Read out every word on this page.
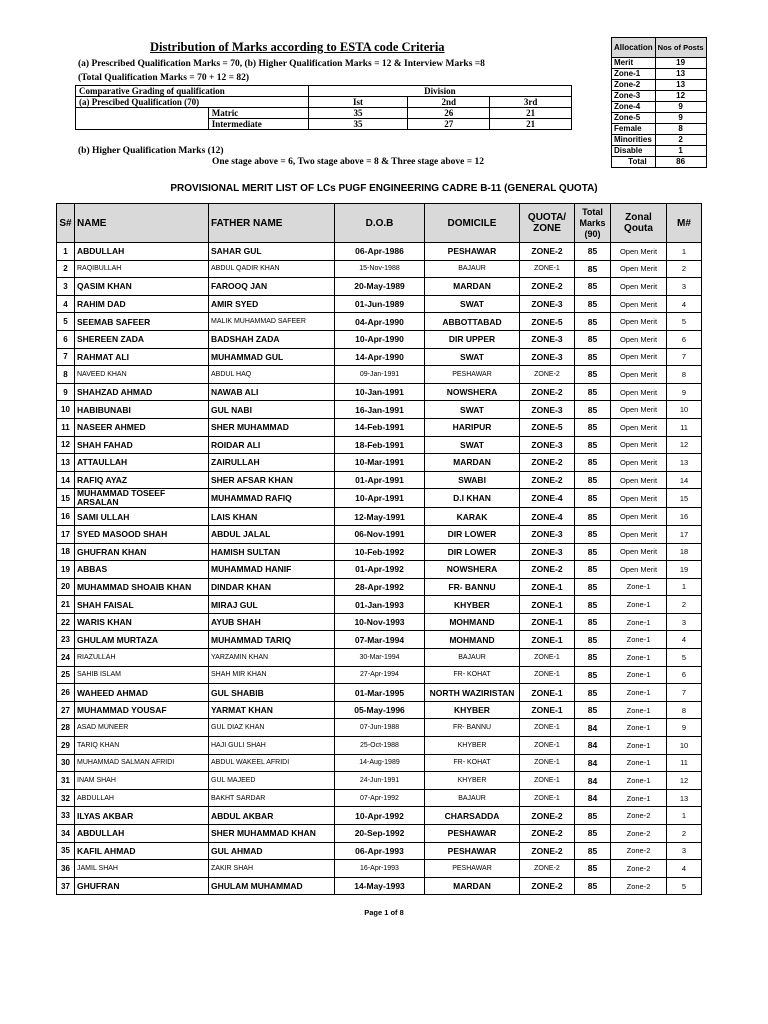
Distribution of Marks according to ESTA code Criteria
(a) Prescribed Qualification Marks = 70, (b) Higher Qualification Marks = 12 & Interview Marks =8
(Total Qualification Marks = 70 + 12 = 82)
Comparative Grading of qualification		Division		
(a) Prescibed Qualification (70)		Ist	2nd	3rd
	Matric	35	26	21
	Intermediate	35	27	21
(b) Higher Qualification Marks (12)
One stage above = 6, Two stage above = 8 & Three stage above = 12
Allocation	Nos of Posts
Merit	19
Zone-1	13
Zone-2	13
Zone-3	12
Zone-4	9
Zone-5	9
Female	8
Minorities	2
Disable	1
Total	86
PROVISIONAL MERIT LIST OF LCs PUGF ENGINEERING CADRE B-11 (GENERAL QUOTA)
S#	NAME	FATHER NAME	D.O.B	DOMICILE	QUOTA/ ZONE	Total Marks (90)	Zonal Qouta	M#
1	ABDULLAH	SAHAR GUL	06-Apr-1986	PESHAWAR	ZONE-2	85	Open Merit	1
2	RAQIBULLAH	ABDUL QADIR KHAN	15-Nov-1988	BAJAUR	ZONE-1	85	Open Merit	2
3	QASIM KHAN	FAROOQ JAN	20-May-1989	MARDAN	ZONE-2	85	Open Merit	3
4	RAHIM DAD	AMIR SYED	01-Jun-1989	SWAT	ZONE-3	85	Open Merit	4
5	SEEMAB SAFEER	MALIK MUHAMMAD SAFEER	04-Apr-1990	ABBOTTABAD	ZONE-5	85	Open Merit	5
6	SHEREEN ZADA	BADSHAH ZADA	10-Apr-1990	DIR UPPER	ZONE-3	85	Open Merit	6
7	RAHMAT ALI	MUHAMMAD GUL	14-Apr-1990	SWAT	ZONE-3	85	Open Merit	7
8	NAVEED KHAN	ABDUL HAQ	09-Jan-1991	PESHAWAR	ZONE-2	85	Open Merit	8
9	SHAHZAD AHMAD	NAWAB ALI	10-Jan-1991	NOWSHERA	ZONE-2	85	Open Merit	9
10	HABIBUNABI	GUL NABI	16-Jan-1991	SWAT	ZONE-3	85	Open Merit	10
11	NASEER AHMED	SHER MUHAMMAD	14-Feb-1991	HARIPUR	ZONE-5	85	Open Merit	11
12	SHAH FAHAD	ROIDAR ALI	18-Feb-1991	SWAT	ZONE-3	85	Open Merit	12
13	ATTAULLAH	ZAIRULLAH	10-Mar-1991	MARDAN	ZONE-2	85	Open Merit	13
14	RAFIQ AYAZ	SHER AFSAR KHAN	01-Apr-1991	SWABI	ZONE-2	85	Open Merit	14
15	MUHAMMAD TOSEEF ARSALAN	MUHAMMAD RAFIQ	10-Apr-1991	D.I KHAN	ZONE-4	85	Open Merit	15
16	SAMI ULLAH	LAIS KHAN	12-May-1991	KARAK	ZONE-4	85	Open Merit	16
17	SYED MASOOD SHAH	ABDUL JALAL	06-Nov-1991	DIR LOWER	ZONE-3	85	Open Merit	17
18	GHUFRAN KHAN	HAMISH SULTAN	10-Feb-1992	DIR LOWER	ZONE-3	85	Open Merit	18
19	ABBAS	MUHAMMAD HANIF	01-Apr-1992	NOWSHERA	ZONE-2	85	Open Merit	19
20	MUHAMMAD SHOAIB KHAN	DINDAR KHAN	28-Apr-1992	FR- BANNU	ZONE-1	85	Zone-1	1
21	SHAH FAISAL	MIRAJ GUL	01-Jan-1993	KHYBER	ZONE-1	85	Zone-1	2
22	WARIS KHAN	AYUB SHAH	10-Nov-1993	MOHMAND	ZONE-1	85	Zone-1	3
23	GHULAM MURTAZA	MUHAMMAD TARIQ	07-Mar-1994	MOHMAND	ZONE-1	85	Zone-1	4
24	RIAZULLAH	YARZAMIN KHAN	30-Mar-1994	BAJAUR	ZONE-1	85	Zone-1	5
25	SAHIB ISLAM	SHAH MIR KHAN	27-Apr-1994	FR- KOHAT	ZONE-1	85	Zone-1	6
26	WAHEED AHMAD	GUL SHABIB	01-Mar-1995	NORTH WAZIRISTAN	ZONE-1	85	Zone-1	7
27	MUHAMMAD YOUSAF	YARMAT KHAN	05-May-1996	KHYBER	ZONE-1	85	Zone-1	8
28	ASAD MUNEER	GUL DIAZ KHAN	07-Jun-1988	FR- BANNU	ZONE-1	84	Zone-1	9
29	TARIQ KHAN	HAJI GULI SHAH	25-Oct-1988	KHYBER	ZONE-1	84	Zone-1	10
30	MUHAMMAD SALMAN AFRIDI	ABDUL WAKEEL AFRIDI	14-Aug-1989	FR- KOHAT	ZONE-1	84	Zone-1	11
31	INAM SHAH	GUL MAJEED	24-Jun-1991	KHYBER	ZONE-1	84	Zone-1	12
32	ABDULLAH	BAKHT SARDAR	07-Apr-1992	BAJAUR	ZONE-1	84	Zone-1	13
33	ILYAS AKBAR	ABDUL AKBAR	10-Apr-1992	CHARSADDA	ZONE-2	85	Zone-2	1
34	ABDULLAH	SHER MUHAMMAD KHAN	20-Sep-1992	PESHAWAR	ZONE-2	85	Zone-2	2
35	KAFIL AHMAD	GUL AHMAD	06-Apr-1993	PESHAWAR	ZONE-2	85	Zone-2	3
36	JAMIL SHAH	ZAKIR SHAH	16-Apr-1993	PESHAWAR	ZONE-2	85	Zone-2	4
37	GHUFRAN	GHULAM MUHAMMAD	14-May-1993	MARDAN	ZONE-2	85	Zone-2	5
Page 1 of 8
